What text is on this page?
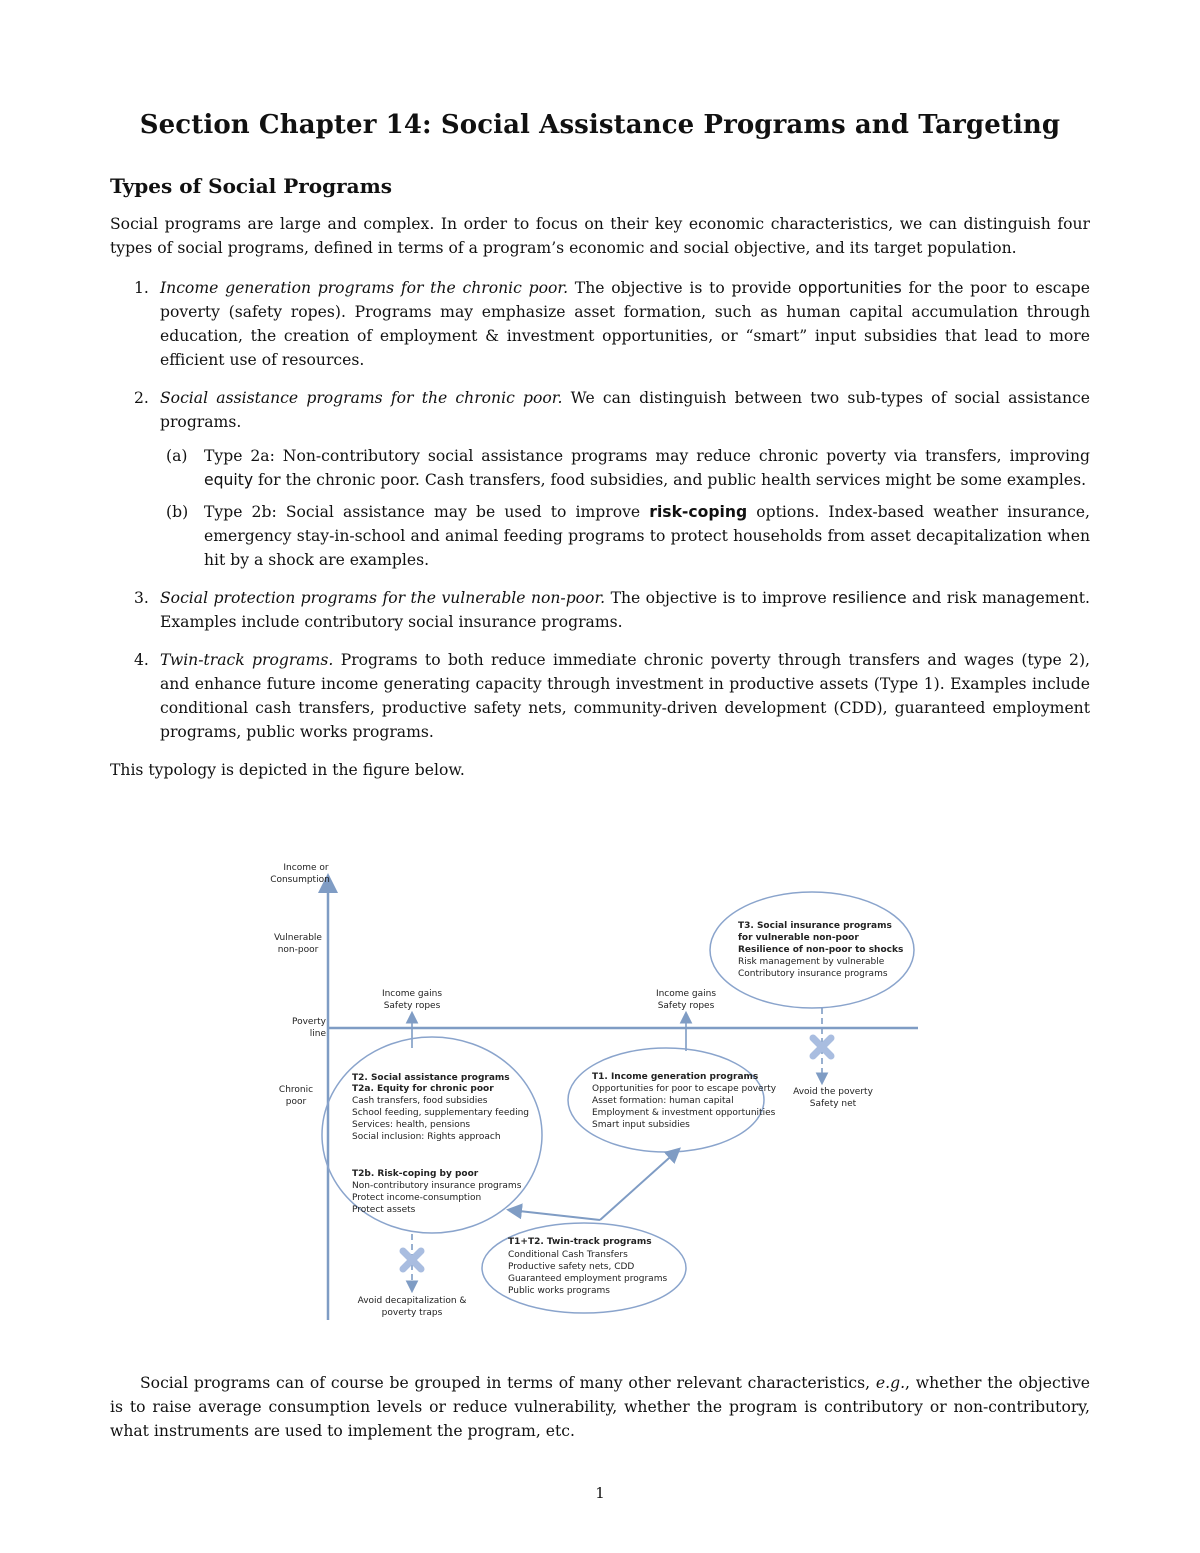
Section Chapter 14: Social Assistance Programs and Targeting
Types of Social Programs

Social programs are large and complex. In order to focus on their key economic characteristics, we can distinguish four types of social programs, defined in terms of a program’s economic and social objective, and its target population.

1. Income generation programs for the chronic poor. The objective is to provide opportunities for the poor to escape poverty (safety ropes). Programs may emphasize asset formation, such as human capital accumulation through education, the creation of employment & investment opportunities, or “smart” input subsidies that lead to more efficient use of resources.
2. Social assistance programs for the chronic poor. We can distinguish between two sub-types of social assistance programs.
(a) Type 2a: Non-contributory social assistance programs may reduce chronic poverty via transfers, improving equity for the chronic poor. Cash transfers, food subsidies, and public health services might be some examples.
(b) Type 2b: Social assistance may be used to improve risk-coping options. Index-based weather insurance, emergency stay-in-school and animal feeding programs to protect households from asset decapitalization when hit by a shock are examples.
3. Social protection programs for the vulnerable non-poor. The objective is to improve resilience and risk management. Examples include contributory social insurance programs.
4. Twin-track programs. Programs to both reduce immediate chronic poverty through transfers and wages (type 2), and enhance future income generating capacity through investment in productive assets (Type 1). Examples include conditional cash transfers, productive safety nets, community-driven development (CDD), guaranteed employment programs, public works programs.

This typology is depicted in the figure below.

Income or Consumption
Vulnerable non-poor
Poverty line
Chronic poor
Income gains Safety ropes
Income gains Safety ropes
T3. Social insurance programs for vulnerable non-poor Resilience of non-poor to shocks Risk management by vulnerable Contributory insurance programs
Avoid the poverty Safety net
T2. Social assistance programs T2a. Equity for chronic poor Cash transfers, food subsidies School feeding, supplementary feeding Services: health, pensions Social inclusion: Rights approach
T2b. Risk-coping by poor Non-contributory insurance programs Protect income-consumption Protect assets
T1. Income generation programs Opportunities for poor to escape poverty Asset formation: human capital Employment & investment opportunities Smart input subsidies
T1+T2. Twin-track programs Conditional Cash Transfers Productive safety nets, CDD Guaranteed employment programs Public works programs
Avoid decapitalization & poverty traps

Social programs can of course be grouped in terms of many other relevant characteristics, e.g., whether the objective is to raise average consumption levels or reduce vulnerability, whether the program is contributory or non-contributory, what instruments are used to implement the program, etc.

1
